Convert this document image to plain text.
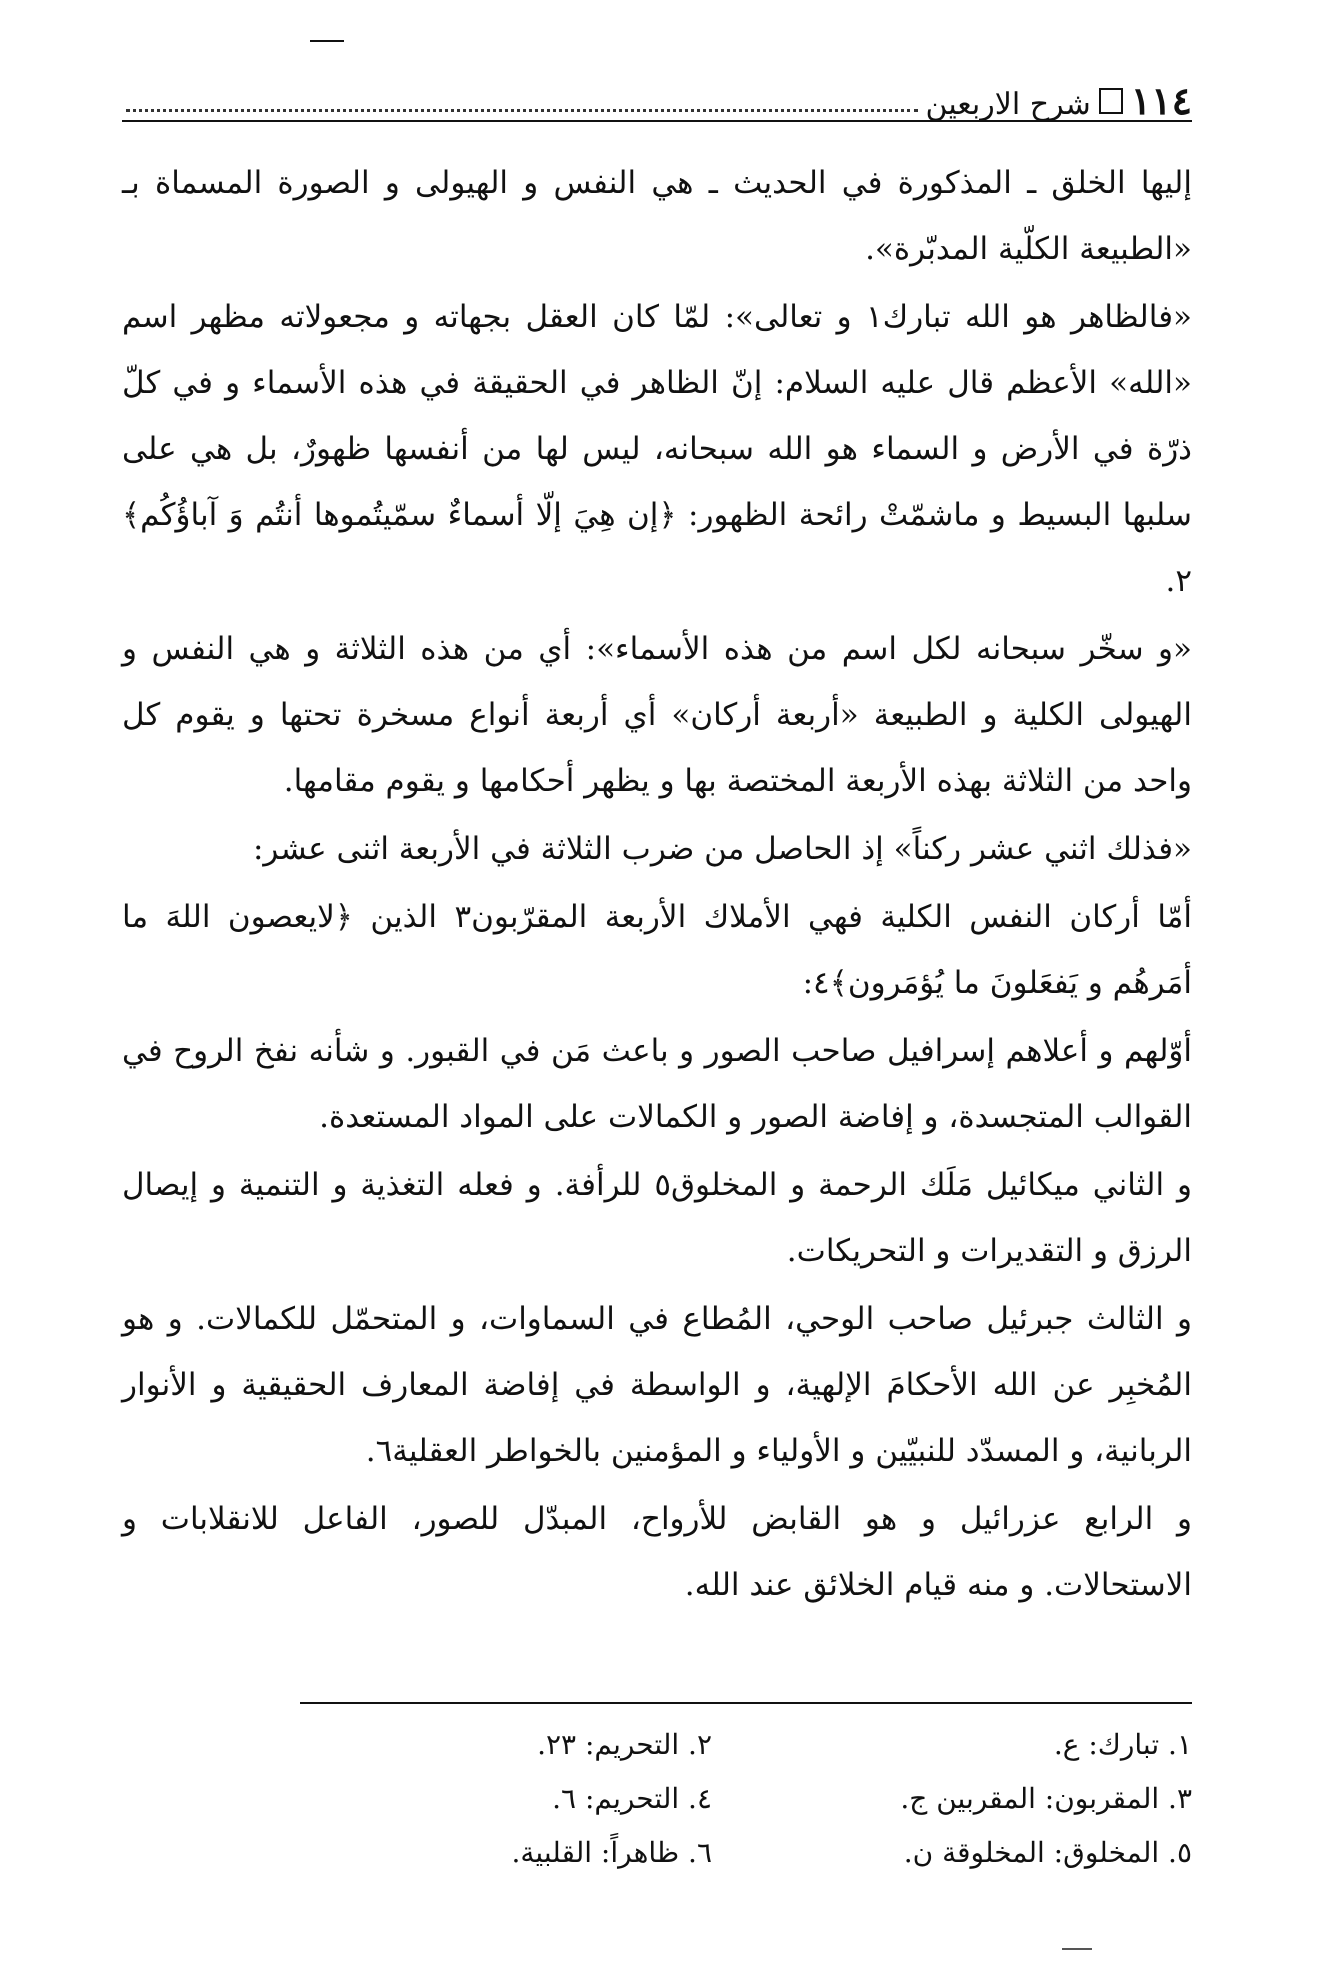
١١٤
شرح الاربعين

إليها الخلق ـ المذكورة في الحديث ـ هي النفس و الهيولى و الصورة المسماة بـ «الطبيعة الكلّية المدبّرة».

«فالظاهر هو الله تبارك١ و تعالى»: لمّا كان العقل بجهاته و مجعولاته مظهر اسم «الله» الأعظم قال عليه السلام: إنّ الظاهر في الحقيقة في هذه الأسماء و في كلّ ذرّة في الأرض و السماء هو الله سبحانه، ليس لها من أنفسها ظهورٌ، بل هي على سلبها البسيط و ماشمّتْ رائحة الظهور: ﴿إن هِيَ إلّا أسماءٌ سمّيتُموها أنتُم وَ آباؤُكُم﴾٢.

«و سخّر سبحانه لكل اسم من هذه الأسماء»: أي من هذه الثلاثة و هي النفس و الهيولى الكلية و الطبيعة «أربعة أركان» أي أربعة أنواع مسخرة تحتها و يقوم كل واحد من الثلاثة بهذه الأربعة المختصة بها و يظهر أحكامها و يقوم مقامها.

«فذلك اثني عشر ركناً» إذ الحاصل من ضرب الثلاثة في الأربعة اثنى عشر:

أمّا أركان النفس الكلية فهي الأملاك الأربعة المقرّبون٣ الذين ﴿لايعصون اللهَ ما أمَرهُم و يَفعَلونَ ما يُؤمَرون﴾٤:

أوّلهم و أعلاهم إسرافيل صاحب الصور و باعث مَن في القبور. و شأنه نفخ الروح في القوالب المتجسدة، و إفاضة الصور و الكمالات على المواد المستعدة.

و الثاني ميكائيل مَلَك الرحمة و المخلوق٥ للرأفة. و فعله التغذية و التنمية و إيصال الرزق و التقديرات و التحريكات.

و الثالث جبرئيل صاحب الوحي، المُطاع في السماوات، و المتحمّل للكمالات. و هو المُخبِر عن الله الأحكامَ الإلهية، و الواسطة في إفاضة المعارف الحقيقية و الأنوار الربانية، و المسدّد للنبيّين و الأولياء و المؤمنين بالخواطر العقلية٦.

و الرابع عزرائيل و هو القابض للأرواح، المبدّل للصور، الفاعل للانقلابات و الاستحالات. و منه قيام الخلائق عند الله.

١. تبارك: ع.
٢. التحريم: ٢٣.
٣. المقربون: المقربين ج.
٤. التحريم: ٦.
٥. المخلوق: المخلوقة ن.
٦. ظاهراً: القلبية.
